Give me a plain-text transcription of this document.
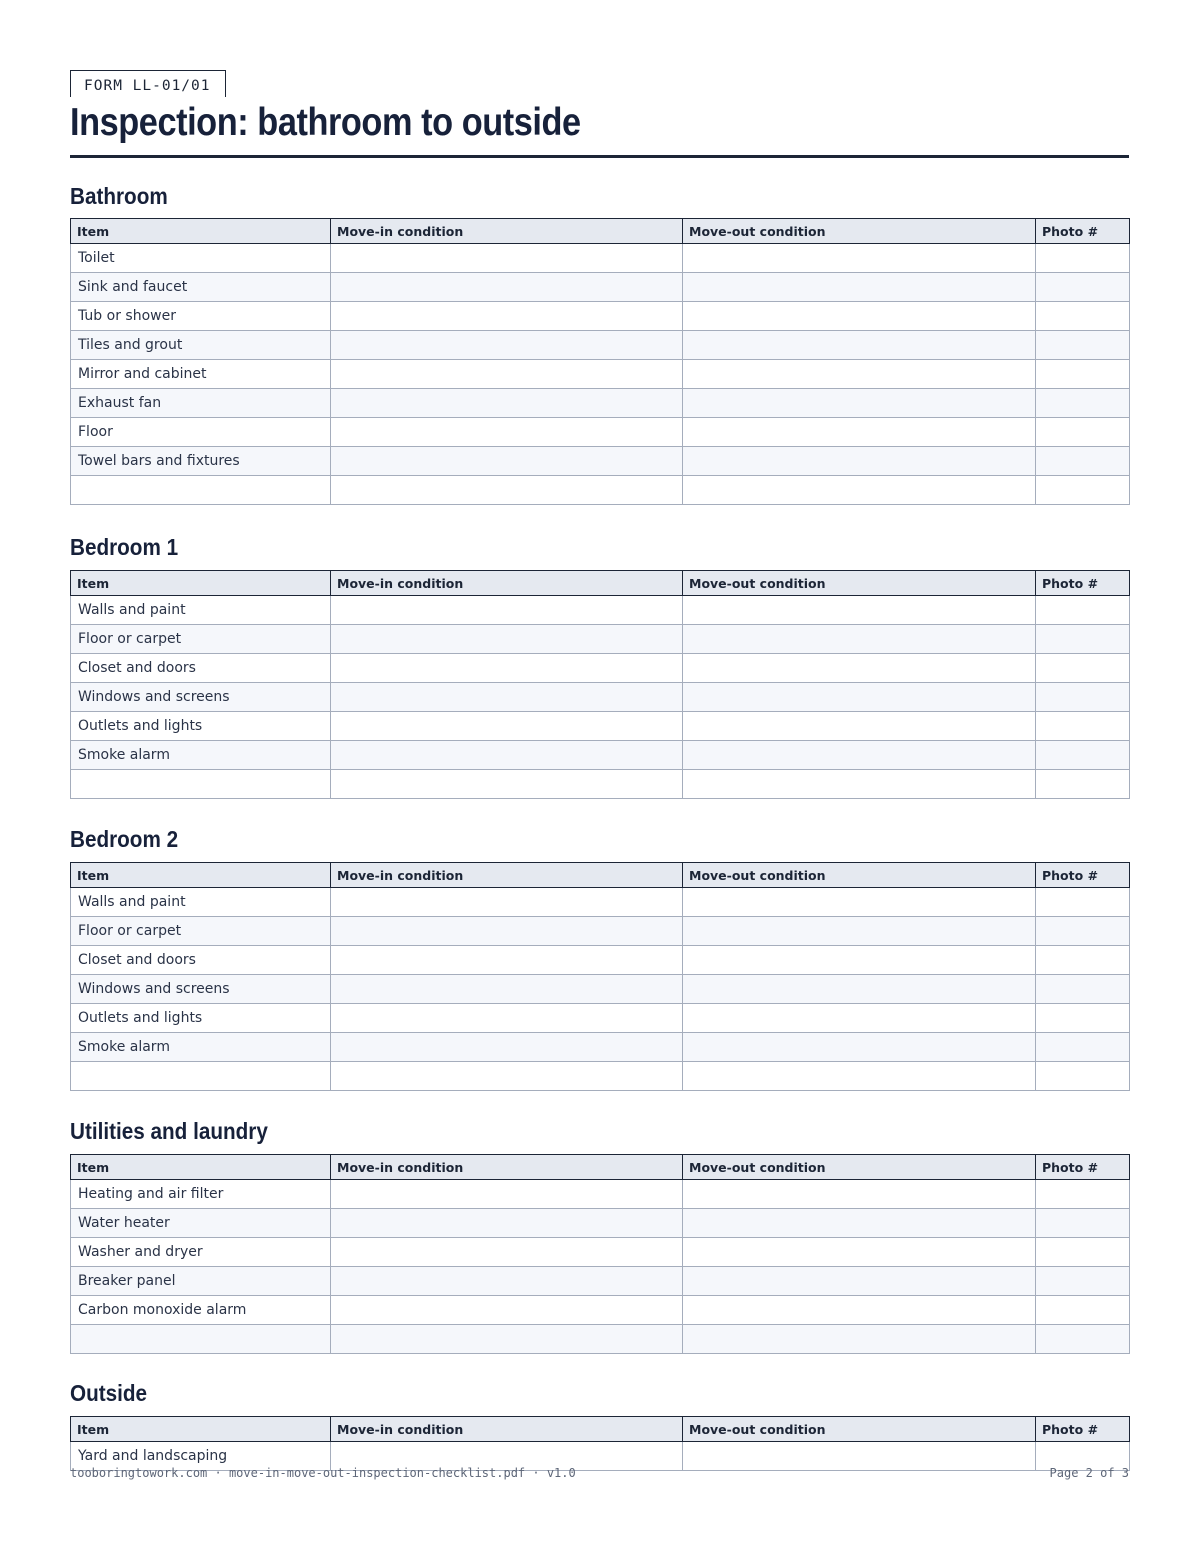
FORM LL-01/01
Inspection: bathroom to outside
Bathroom
Item	Move-in condition	Move-out condition	Photo #
Toilet			
Sink and faucet			
Tub or shower			
Tiles and grout			
Mirror and cabinet			
Exhaust fan			
Floor			
Towel bars and fixtures			

Bedroom 1
Item	Move-in condition	Move-out condition	Photo #
Walls and paint			
Floor or carpet			
Closet and doors			
Windows and screens			
Outlets and lights			
Smoke alarm			

Bedroom 2
Item	Move-in condition	Move-out condition	Photo #
Walls and paint			
Floor or carpet			
Closet and doors			
Windows and screens			
Outlets and lights			
Smoke alarm			

Utilities and laundry
Item	Move-in condition	Move-out condition	Photo #
Heating and air filter			
Water heater			
Washer and dryer			
Breaker panel			
Carbon monoxide alarm			

Outside
Item	Move-in condition	Move-out condition	Photo #
Yard and landscaping			
tooboringtowork.com · move-in-move-out-inspection-checklist.pdf · v1.0	Page 2 of 3
